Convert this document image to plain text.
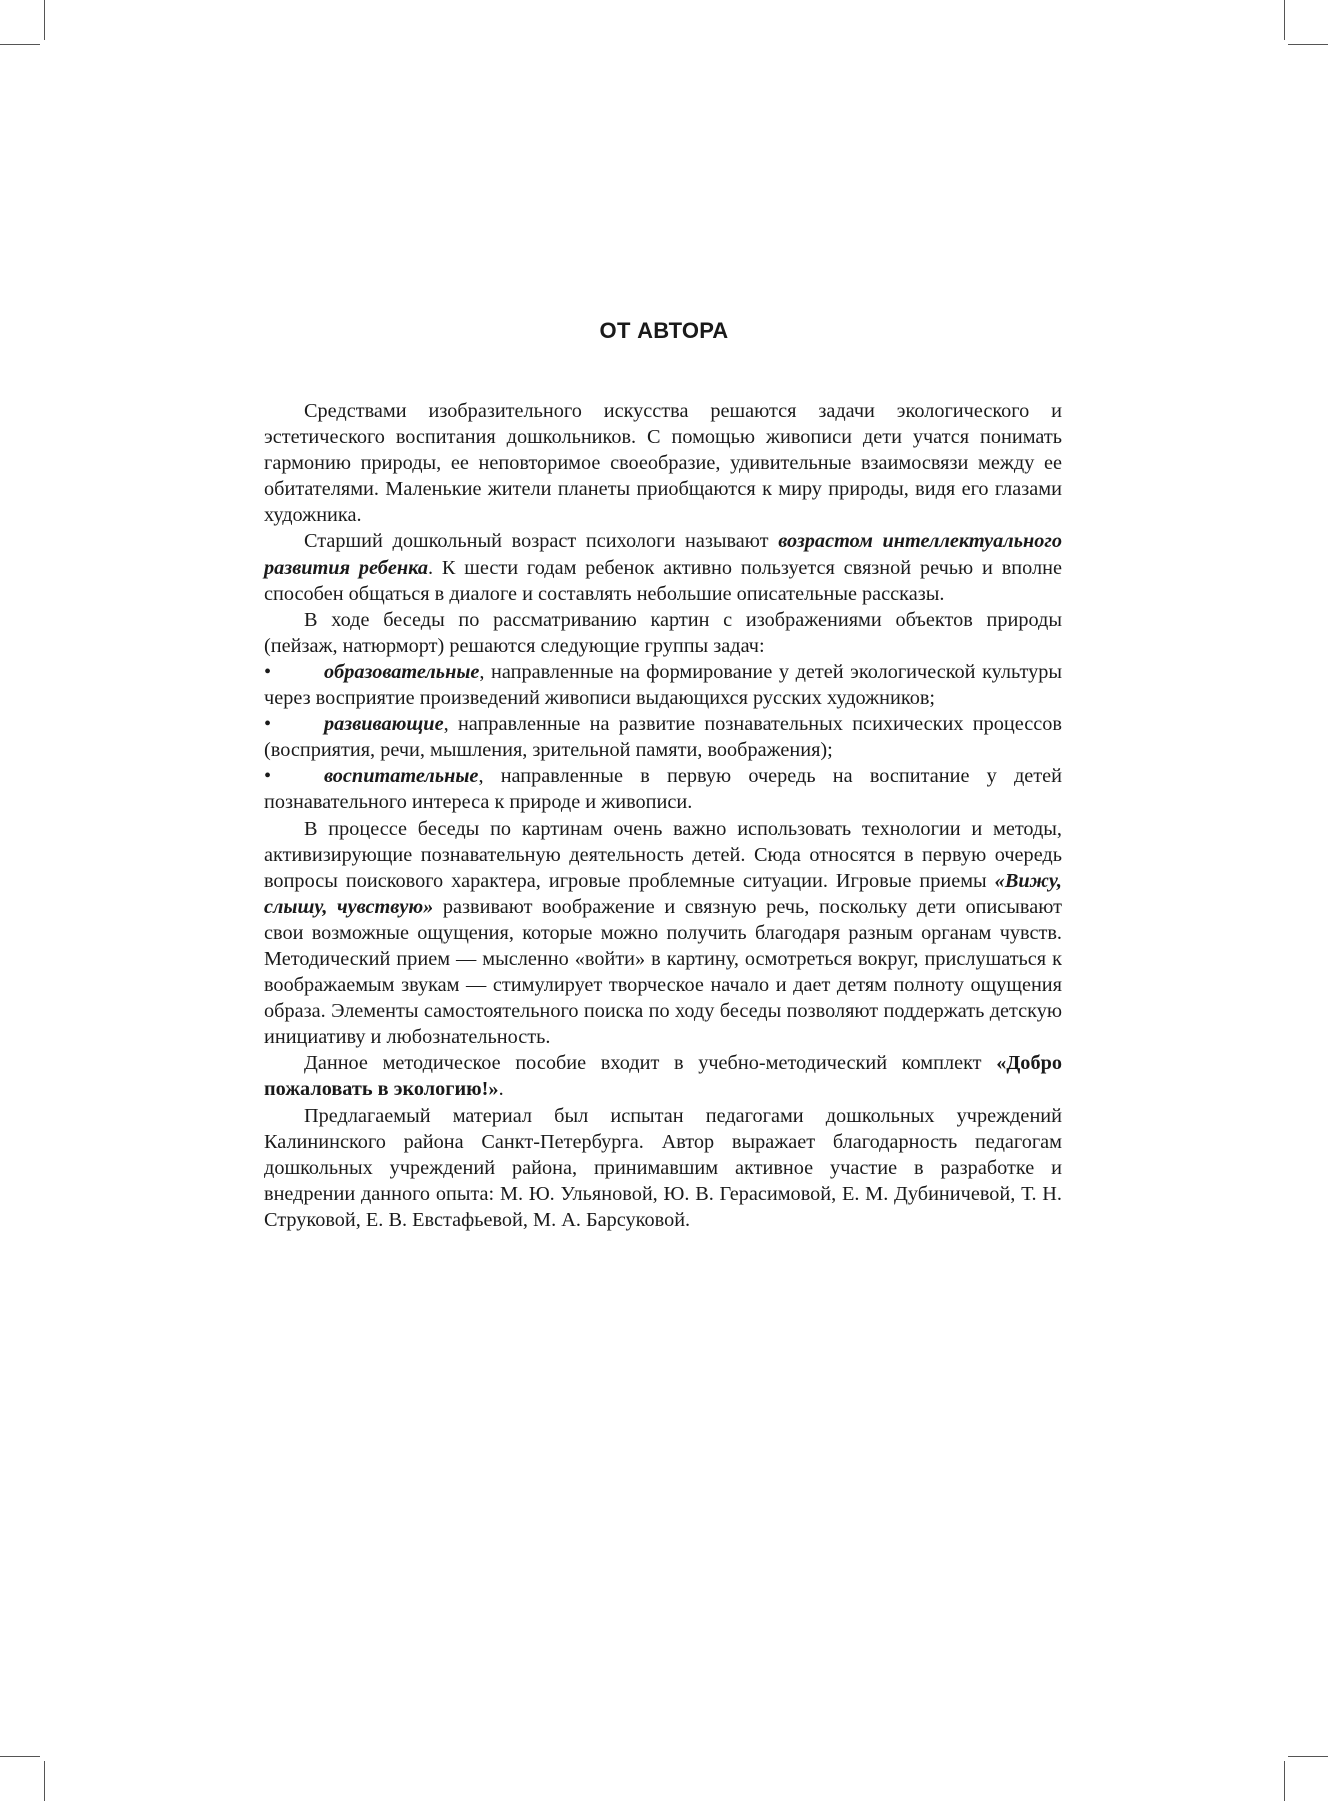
ОТ АВТОРА

Средствами изобразительного искусства решаются задачи экологического и эстетического воспитания дошкольников. С помощью живописи дети учатся понимать гармонию природы, ее неповторимое своеобразие, удивительные взаимосвязи между ее обитателями. Маленькие жители планеты приобщаются к миру природы, видя его глазами художника.

Старший дошкольный возраст психологи называют возрастом интеллектуального развития ребенка. К шести годам ребенок активно пользуется связной речью и вполне способен общаться в диалоге и составлять небольшие описательные рассказы.

В ходе беседы по рассматриванию картин с изображениями объектов природы (пейзаж, натюрморт) решаются следующие группы задач:

•	образовательные, направленные на формирование у детей экологической культуры через восприятие произведений живописи выдающихся русских художников;

•	развивающие, направленные на развитие познавательных психических процессов (восприятия, речи, мышления, зрительной памяти, воображения);

•	воспитательные, направленные в первую очередь на воспитание у детей познавательного интереса к природе и живописи.

В процессе беседы по картинам очень важно использовать технологии и методы, активизирующие познавательную деятельность детей. Сюда относятся в первую очередь вопросы поискового характера, игровые проблемные ситуации. Игровые приемы «Вижу, слышу, чувствую» развивают воображение и связную речь, поскольку дети описывают свои возможные ощущения, которые можно получить благодаря разным органам чувств. Методический прием — мысленно «войти» в картину, осмотреться вокруг, прислушаться к воображаемым звукам — стимулирует творческое начало и дает детям полноту ощущения образа. Элементы самостоятельного поиска по ходу беседы позволяют поддержать детскую инициативу и любознательность.

Данное методическое пособие входит в учебно-методический комплект «Добро пожаловать в экологию!».

Предлагаемый материал был испытан педагогами дошкольных учреждений Калининского района Санкт-Петербурга. Автор выражает благодарность педагогам дошкольных учреждений района, принимавшим активное участие в разработке и внедрении данного опыта: М. Ю. Ульяновой, Ю. В. Герасимовой, Е. М. Дубиничевой, Т. Н. Струковой, Е. В. Евстафьевой, М. А. Барсуковой.
